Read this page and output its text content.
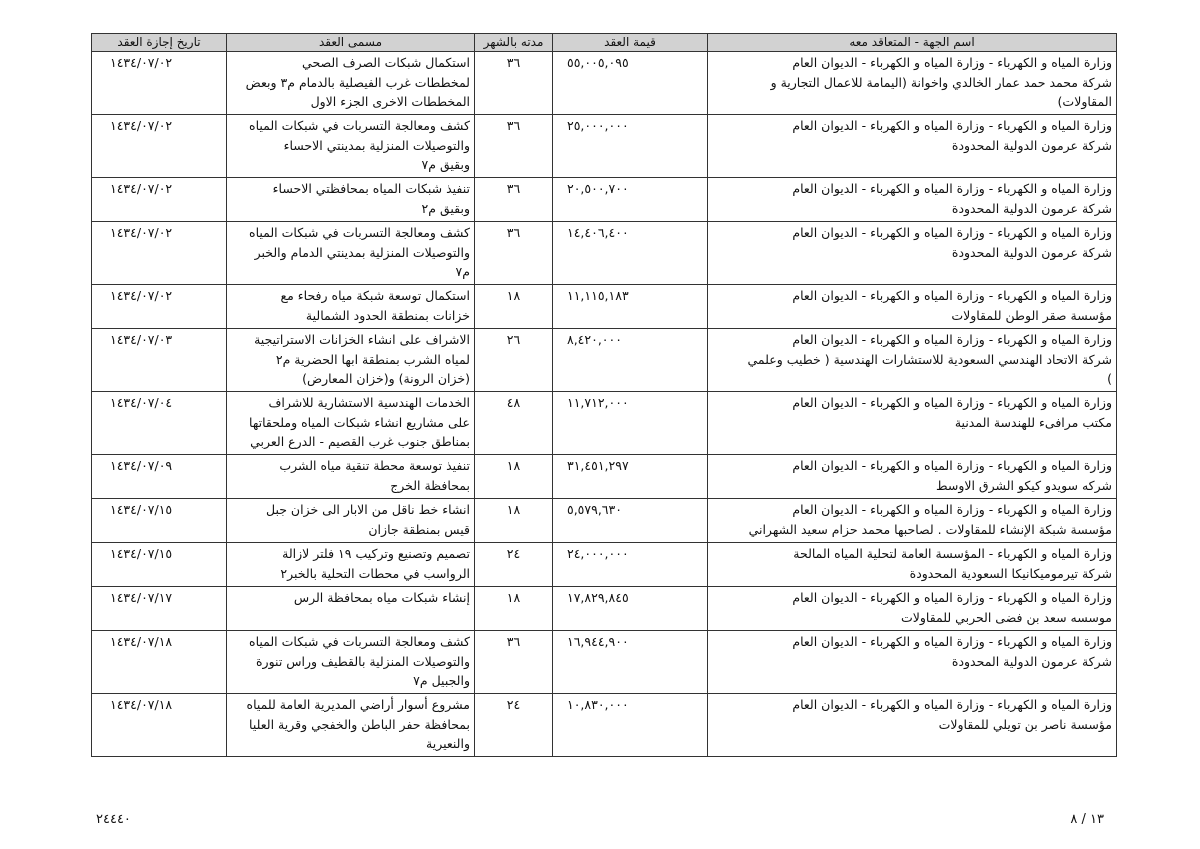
اسم الجهة - المتعاقد معه	قيمة العقد	مدته بالشهر	مسمى العقد	تاريخ إجازة العقد

وزارة المياه و الكهرباء - وزارة المياه و الكهرباء - الديوان العام
شركة محمد حمد عمار الخالدي واخوانة (اليمامة للاعمال التجارية و
المقاولات)	٥٥,٠٠٥,٠٩٥	٣٦	استكمال شبكات الصرف الصحي
لمخططات غرب الفيصلية بالدمام م٣ وبعض
المخططات الاخرى الجزء الاول	١٤٣٤/٠٧/٠٢

وزارة المياه و الكهرباء - وزارة المياه و الكهرباء - الديوان العام
شركة عرمون الدولية المحدودة	٢٥,٠٠٠,٠٠٠	٣٦	كشف ومعالجة التسربات في شبكات المياه
والتوصيلات المنزلية بمدينتي الاحساء
وبقيق م٧	١٤٣٤/٠٧/٠٢

وزارة المياه و الكهرباء - وزارة المياه و الكهرباء - الديوان العام
شركة عرمون الدولية المحدودة	٢٠,٥٠٠,٧٠٠	٣٦	تنفيذ شبكات المياه بمحافظتي الاحساء
وبقيق م٢	١٤٣٤/٠٧/٠٢

وزارة المياه و الكهرباء - وزارة المياه و الكهرباء - الديوان العام
شركة عرمون الدولية المحدودة	١٤,٤٠٦,٤٠٠	٣٦	كشف ومعالجة التسربات في شبكات المياه
والتوصيلات المنزلية بمدينتي الدمام والخبر
م٧	١٤٣٤/٠٧/٠٢

وزارة المياه و الكهرباء - وزارة المياه و الكهرباء - الديوان العام
مؤسسة صقر الوطن للمقاولات	١١,١١٥,١٨٣	١٨	استكمال توسعة شبكة مياه رفحاء مع
خزانات بمنطقة الحدود الشمالية	١٤٣٤/٠٧/٠٢

وزارة المياه و الكهرباء - وزارة المياه و الكهرباء - الديوان العام
شركة الاتحاد الهندسي السعودية للاستشارات الهندسية ( خطيب وعلمي
)	٨,٤٢٠,٠٠٠	٢٦	الاشراف على انشاء الخزانات الاستراتيجية
لمياه الشرب بمنطقة ابها الحضرية م٢
(خزان الرونة) و(خزان المعارض)	١٤٣٤/٠٧/٠٣

وزارة المياه و الكهرباء - وزارة المياه و الكهرباء - الديوان العام
مكتب مرافىء للهندسة المدنية	١١,٧١٢,٠٠٠	٤٨	الخدمات الهندسية الاستشارية للاشراف
على مشاريع انشاء شبكات المياه وملحقاتها
بمناطق جنوب غرب القصيم - الدرع العربي	١٤٣٤/٠٧/٠٤

وزارة المياه و الكهرباء - وزارة المياه و الكهرباء - الديوان العام
شركه سويدو كيكو الشرق الاوسط	٣١,٤٥١,٢٩٧	١٨	تنفيذ توسعة محطة تنقية مياه الشرب
بمحافظة الخرج	١٤٣٤/٠٧/٠٩

وزارة المياه و الكهرباء - وزارة المياه و الكهرباء - الديوان العام
مؤسسة شبكة الإنشاء للمقاولات . لصاحبها محمد حزام سعيد الشهراني	٥,٥٧٩,٦٣٠	١٨	انشاء خط ناقل من الابار الى خزان جبل
قيس بمنطقة جازان	١٤٣٤/٠٧/١٥

وزارة المياه و الكهرباء - المؤسسة العامة لتحلية المياه المالحة
شركة تيرموميكانيكا السعودية المحدودة	٢٤,٠٠٠,٠٠٠	٢٤	تصميم وتصنيع وتركيب ١٩ فلتر لازالة
الرواسب في محطات التحلية بالخبر٢	١٤٣٤/٠٧/١٥

وزارة المياه و الكهرباء - وزارة المياه و الكهرباء - الديوان العام
موسسه سعد بن فضى الحربي للمقاولات	١٧,٨٢٩,٨٤٥	١٨	إنشاء شبكات مياه بمحافظة الرس	١٤٣٤/٠٧/١٧

وزارة المياه و الكهرباء - وزارة المياه و الكهرباء - الديوان العام
شركة عرمون الدولية المحدودة	١٦,٩٤٤,٩٠٠	٣٦	كشف ومعالجة التسربات في شبكات المياه
والتوصيلات المنزلية بالقطيف وراس تنورة
والجبيل م٧	١٤٣٤/٠٧/١٨

وزارة المياه و الكهرباء - وزارة المياه و الكهرباء - الديوان العام
مؤسسة ناصر بن تويلي للمقاولات	١٠,٨٣٠,٠٠٠	٢٤	مشروع أسوار أراضي المديرية العامة للمياه
بمحافظة حفر الباطن والخفجي وقرية العليا
والنعيرية	١٤٣٤/٠٧/١٨
١٣ / ٨
٢٤٤٤٠
